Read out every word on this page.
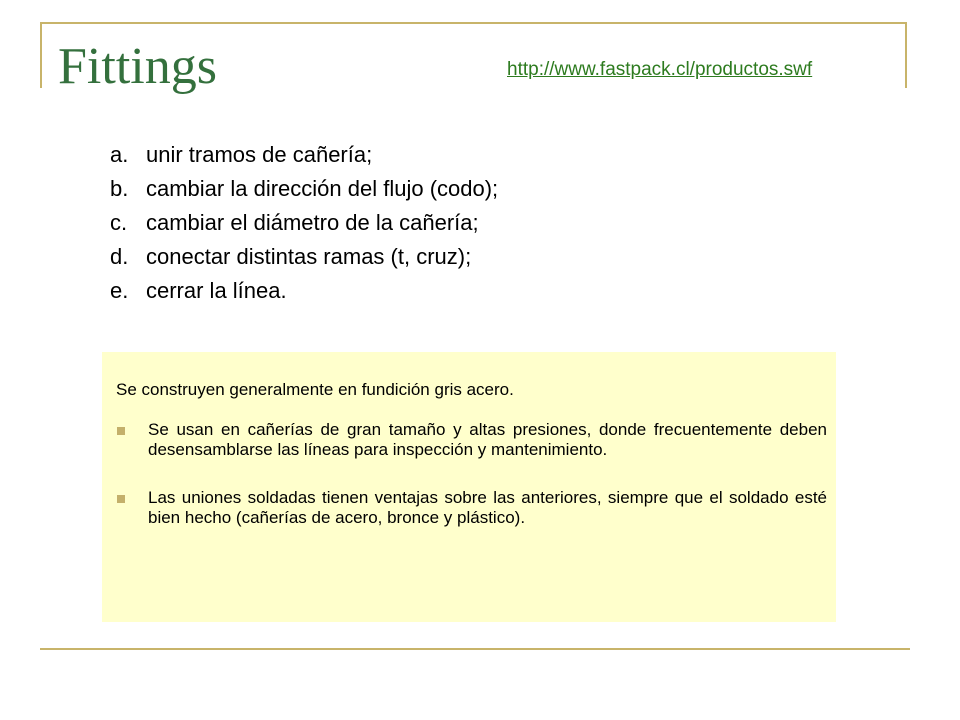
Fittings	http://www.fastpack.cl/productos.swf
a. unir tramos de cañería;
b. cambiar la dirección del flujo (codo);
c. cambiar el diámetro de la cañería;
d. conectar distintas ramas (t, cruz);
e. cerrar la línea.

Se construyen generalmente en fundición gris acero.

Se usan en cañerías de gran tamaño y altas presiones, donde frecuentemente deben desensamblarse las líneas para inspección y mantenimiento.
Las uniones soldadas tienen ventajas sobre las anteriores, siempre que el soldado esté bien hecho (cañerías de acero, bronce y plástico).
